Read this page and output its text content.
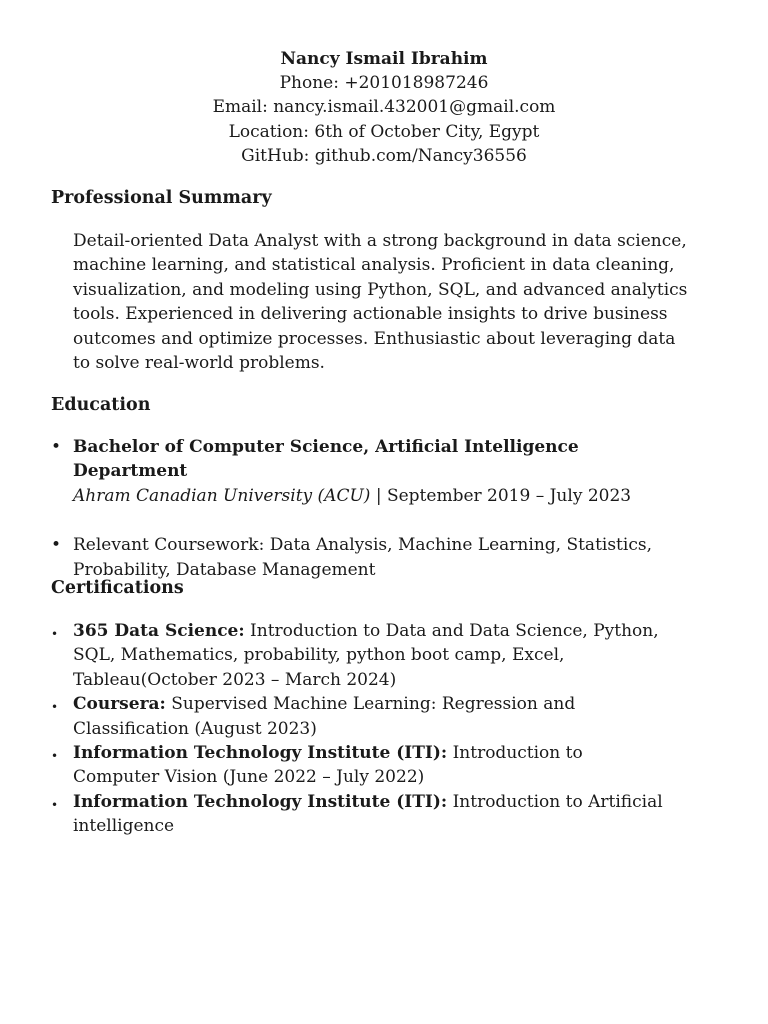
Nancy Ismail Ibrahim
Phone: +201018987246
Email: nancy.ismail.432001@gmail.com
Location: 6th of October City, Egypt
GitHub: github.com/Nancy36556
Professional Summary

Detail-oriented Data Analyst with a strong background in data science, machine learning, and statistical analysis. Proficient in data cleaning, visualization, and modeling using Python, SQL, and advanced analytics tools. Experienced in delivering actionable insights to drive business outcomes and optimize processes. Enthusiastic about leveraging data to solve real-world problems.

Education
• Bachelor of Computer Science, Artificial Intelligence Department
Ahram Canadian University (ACU) | September 2019 – July 2023
• Relevant Coursework: Data Analysis, Machine Learning, Statistics, Probability, Database Management
Certifications
• 365 Data Science: Introduction to Data and Data Science, Python, SQL, Mathematics, probability, python boot camp, Excel, Tableau(October 2023 – March 2024)
• Coursera: Supervised Machine Learning: Regression and Classification (August 2023)
• Information Technology Institute (ITI): Introduction to Computer Vision (June 2022 – July 2022)
• Information Technology Institute (ITI): Introduction to Artificial intelligence
